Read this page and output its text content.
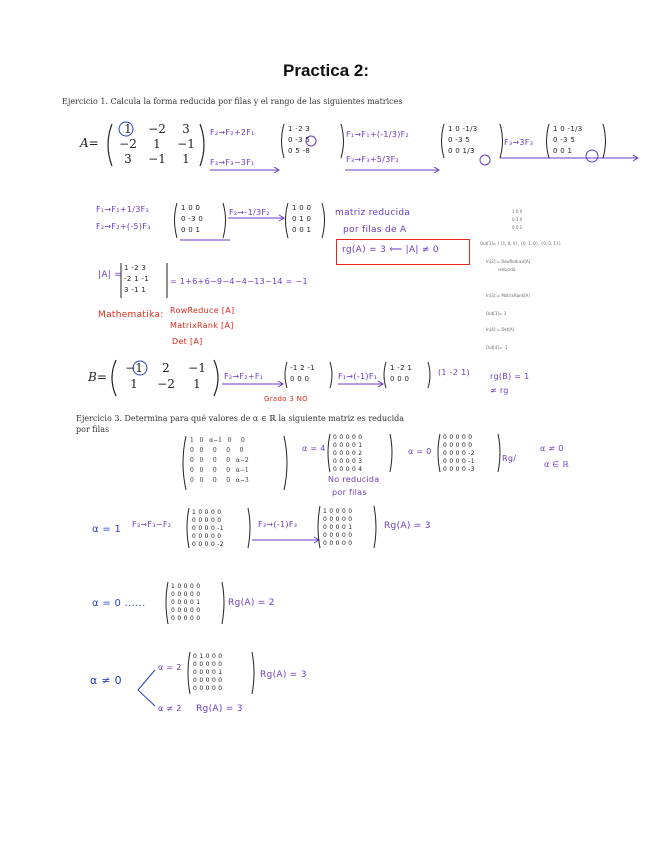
Practica 2:
Ejercicio 1. Calcula la forma reducida por filas y el rango de las siguientes matrices
A=
1 −2 3
−2 1 −1
3 −1 1
F₂→F₂+2F₁
F₃→F₃−3F₁
1 -2 3
0 -3 5
0 5 -8
F₁→F₁+(-1/3)F₂
F₃→F₃+5/3F₂
1 0 -1/3
0 -3 5
0 0 1/3
F₃→3F₃
1 0 -1/3
0 -3 5
0 0 1
F₁→F₁+1/3F₃
F₂→F₂+(-5)F₃
1 0 0
0 -3 0
0 0 1
F₂→-1/3F₂	1 0 0
0 1 0
0 0 1
matriz reducida
por filas de A
rg(A) = 3 ⟸ |A| ≠ 0
|A| =
1 -2 3
-2 1 -1
3 -1 1
= 1+6+6−9−4−4−13−14 = −1
Mathematika: RowReduce [A]
MatrixRank [A]
Det [A]
1 0 0
0 1 0
0 0 1
Out[1]= {{1, 0, 0}, {0, 1, 0}, {0, 0, 1}}
In[2]:= RowReduce[A]
reducida
In[3]:= MatrixRank[A]
Out[3]= 3
In[4]:= Det[A]
Out[4]= -1
B=
−1 2 −1
1 −2 1
F₂→F₂+F₁
-1 2 -1
0 0 0	F₁→(-1)F₁
1 -2 1
0 0 0
(1 -2 1)	rg(B) = 1
≠ rg
Grado 3 NO
Ejercicio 3. Determina para qué valores de α ∈ ℝ la siguiente matriz es reducida
por filas
1   0   α−1   0     0
0   0     0     0     0
0   0     0     0   α−2
0   0     0     0   α−1
0   0     0     0   α−3
α = 4
0 0 0 0 0
0 0 0 0 1
0 0 0 0 2
0 0 0 0 3
0 0 0 0 4
No reducida
por filas
α = 0
0 0 0 0 0
0 0 0 0 0
0 0 0 0 -2
0 0 0 0 -1
0 0 0 0 -3
Rg/
α ≠ 0
α ∈ ℝ
α = 1 F₃→F₃−F₂
1 0 0 0 0
0 0 0 0 0
0 0 0 0 -1
0 0 0 0 0
0 0 0 0 -2
F₃→(-1)F₃
1 0 0 0 0
0 0 0 0 0
0 0 0 0 1
0 0 0 0 0
0 0 0 0 0
Rg(A) = 3
α = 0 ......
1 0 0 0 0
0 0 0 0 0
0 0 0 0 1
0 0 0 0 0
0 0 0 0 0
Rg(A) = 2
α ≠ 0
α = 2
0 1 0 0 0
0 0 0 0 0
0 0 0 0 1
0 0 0 0 0
0 0 0 0 0
Rg(A) = 3
α ≠ 2 Rg(A) = 3
